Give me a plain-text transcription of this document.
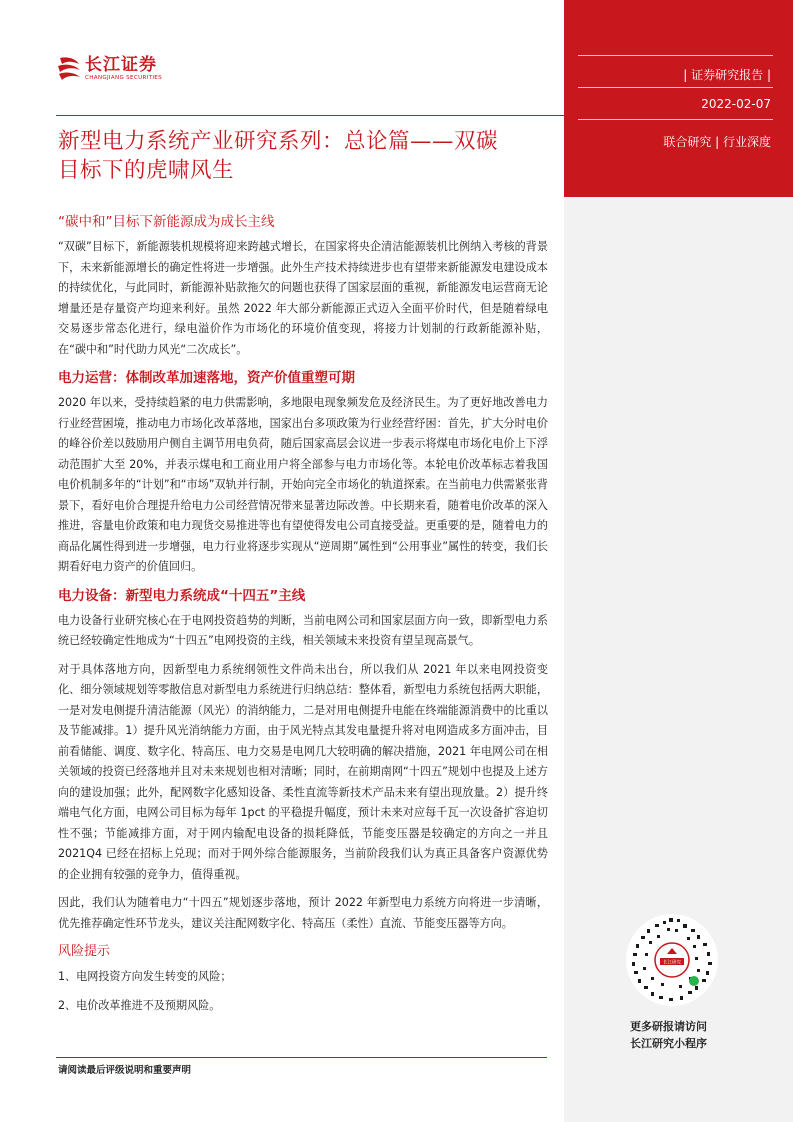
| 证券研究报告 |
2022-02-07
联合研究 | 行业深度
长江证券
CHANGJIANG SECURITIES
新型电力系统产业研究系列：总论篇——双碳
目标下的虎啸风生
“碳中和”目标下新能源成为成长主线

“双碳”目标下，新能源装机规模将迎来跨越式增长，在国家将央企清洁能源装机比例纳入考核的背景下，未来新能源增长的确定性将进一步增强。此外生产技术持续进步也有望带来新能源发电建设成本的持续优化，与此同时，新能源补贴款拖欠的问题也获得了国家层面的重视，新能源发电运营商无论增量还是存量资产均迎来利好。虽然 2022 年大部分新能源正式迈入全面平价时代，但是随着绿电交易逐步常态化进行，绿电溢价作为市场化的环境价值变现，将接力计划制的行政新能源补贴，在“碳中和”时代助力风光“二次成长”。

电力运营：体制改革加速落地，资产价值重塑可期

2020 年以来，受持续趋紧的电力供需影响，多地限电现象频发危及经济民生。为了更好地改善电力行业经营困境，推动电力市场化改革落地，国家出台多项政策为行业经营纾困：首先，扩大分时电价的峰谷价差以鼓励用户侧自主调节用电负荷，随后国家高层会议进一步表示将煤电市场化电价上下浮动范围扩大至 20%，并表示煤电和工商业用户将全部参与电力市场化等。本轮电价改革标志着我国电价机制多年的“计划”和“市场”双轨并行制，开始向完全市场化的轨道探索。在当前电力供需紧张背景下，看好电价合理提升给电力公司经营情况带来显著边际改善。中长期来看，随着电价改革的深入推进，容量电价政策和电力现货交易推进等也有望使得发电公司直接受益。更重要的是，随着电力的商品化属性得到进一步增强，电力行业将逐步实现从“逆周期”属性到“公用事业”属性的转变，我们长期看好电力资产的价值回归。

电力设备：新型电力系统成“十四五”主线

电力设备行业研究核心在于电网投资趋势的判断，当前电网公司和国家层面方向一致，即新型电力系统已经较确定性地成为“十四五”电网投资的主线，相关领域未来投资有望呈现高景气。

对于具体落地方向，因新型电力系统纲领性文件尚未出台，所以我们从 2021 年以来电网投资变化、细分领域规划等零散信息对新型电力系统进行归纳总结：整体看，新型电力系统包括两大职能，一是对发电侧提升清洁能源（风光）的消纳能力，二是对用电侧提升电能在终端能源消费中的比重以及节能减排。1）提升风光消纳能力方面，由于风光特点其发电量提升将对电网造成多方面冲击，目前看储能、调度、数字化、特高压、电力交易是电网几大较明确的解决措施，2021 年电网公司在相关领域的投资已经落地并且对未来规划也相对清晰；同时，在前期南网“十四五”规划中也提及上述方向的建设加强；此外，配网数字化感知设备、柔性直流等新技术产品未来有望出现放量。2）提升终端电气化方面，电网公司目标为每年 1pct 的平稳提升幅度，预计未来对应每千瓦一次设备扩容迫切性不强；节能减排方面，对于网内输配电设备的损耗降低，节能变压器是较确定的方向之一并且 2021Q4 已经在招标上兑现；而对于网外综合能源服务，当前阶段我们认为真正具备客户资源优势的企业拥有较强的竞争力，值得重视。

因此，我们认为随着电力“十四五”规划逐步落地，预计 2022 年新型电力系统方向将进一步清晰，优先推荐确定性环节龙头，建议关注配网数字化、特高压（柔性）直流、节能变压器等方向。

风险提示
1、电网投资方向发生转变的风险；
2、电价改革推进不及预期风险。
长江研究
更多研报请访问
长江研究小程序
请阅读最后评级说明和重要声明
